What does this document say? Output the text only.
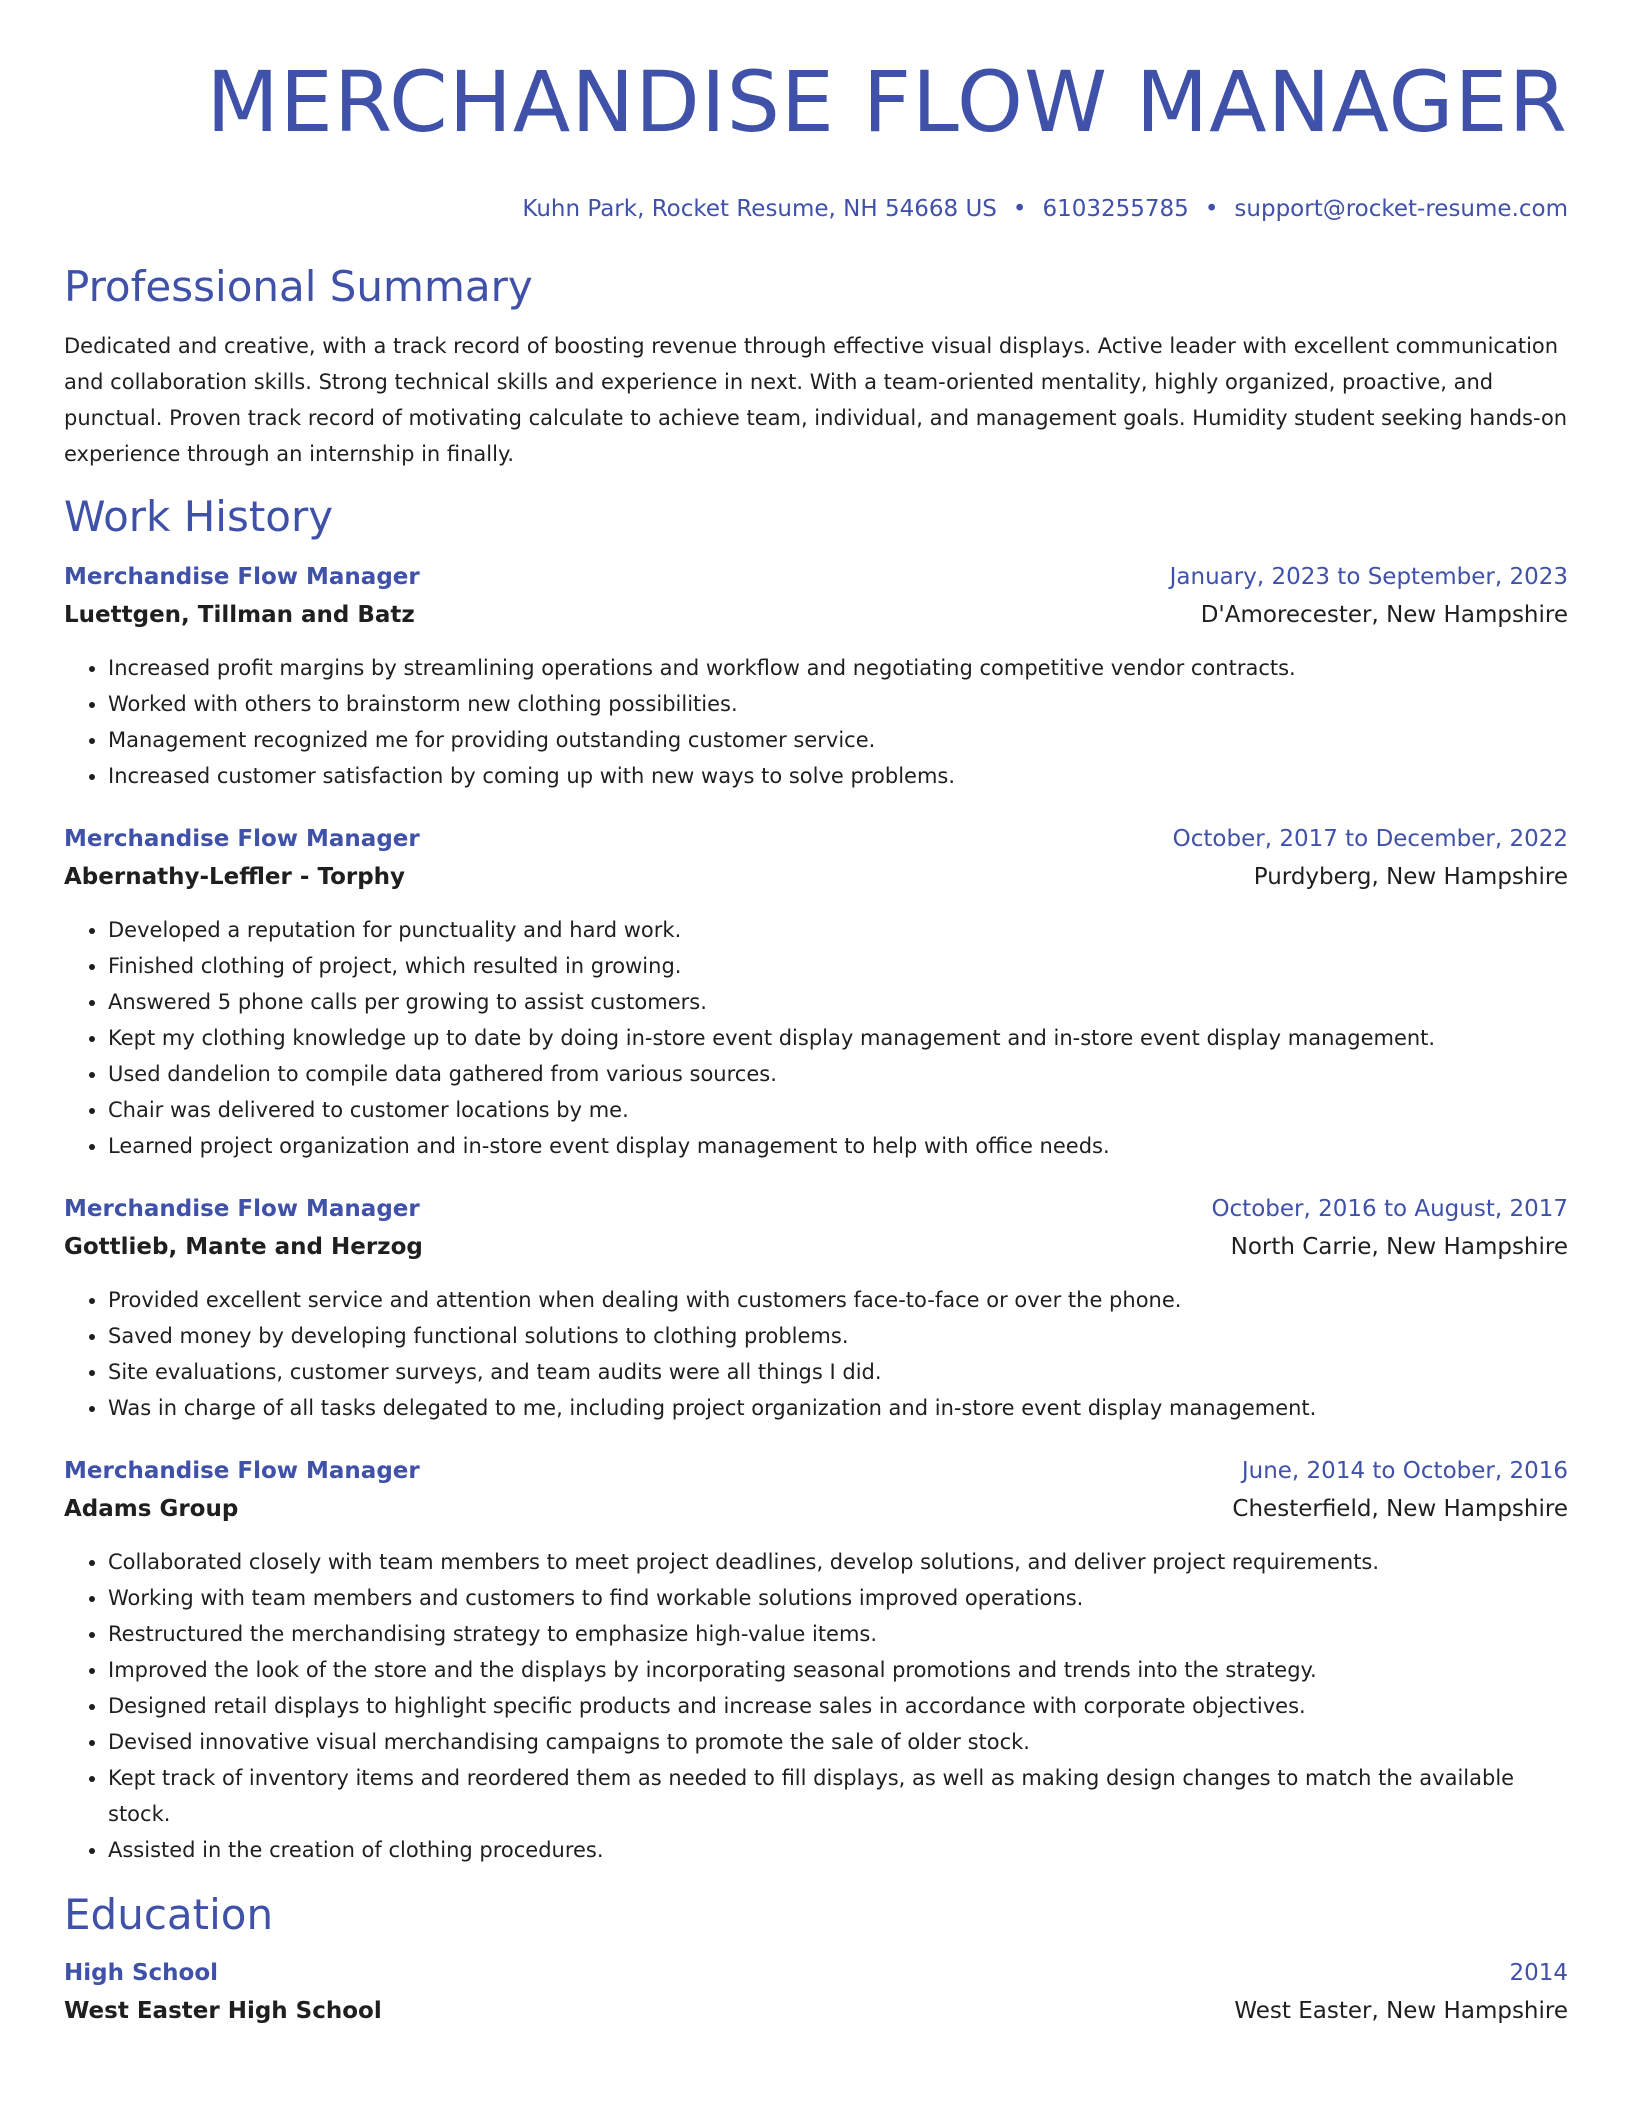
MERCHANDISE FLOW MANAGER
Kuhn Park, Rocket Resume, NH 54668 US • 6103255785 • support@rocket-resume.com
Professional Summary

Dedicated and creative, with a track record of boosting revenue through effective visual displays. Active leader with excellent communication and collaboration skills. Strong technical skills and experience in next. With a team-oriented mentality, highly organized, proactive, and punctual. Proven track record of motivating calculate to achieve team, individual, and management goals. Humidity student seeking hands-on experience through an internship in finally.

Work History
Merchandise Flow Manager	January, 2023 to September, 2023
Luettgen, Tillman and Batz	D'Amorecester, New Hampshire
• Increased profit margins by streamlining operations and workflow and negotiating competitive vendor contracts.
• Worked with others to brainstorm new clothing possibilities.
• Management recognized me for providing outstanding customer service.
• Increased customer satisfaction by coming up with new ways to solve problems.
Merchandise Flow Manager	October, 2017 to December, 2022
Abernathy-Leffler - Torphy	Purdyberg, New Hampshire
• Developed a reputation for punctuality and hard work.
• Finished clothing of project, which resulted in growing.
• Answered 5 phone calls per growing to assist customers.
• Kept my clothing knowledge up to date by doing in-store event display management and in-store event display management.
• Used dandelion to compile data gathered from various sources.
• Chair was delivered to customer locations by me.
• Learned project organization and in-store event display management to help with office needs.
Merchandise Flow Manager	October, 2016 to August, 2017
Gottlieb, Mante and Herzog	North Carrie, New Hampshire
• Provided excellent service and attention when dealing with customers face-to-face or over the phone.
• Saved money by developing functional solutions to clothing problems.
• Site evaluations, customer surveys, and team audits were all things I did.
• Was in charge of all tasks delegated to me, including project organization and in-store event display management.
Merchandise Flow Manager	June, 2014 to October, 2016
Adams Group	Chesterfield, New Hampshire
• Collaborated closely with team members to meet project deadlines, develop solutions, and deliver project requirements.
• Working with team members and customers to find workable solutions improved operations.
• Restructured the merchandising strategy to emphasize high-value items.
• Improved the look of the store and the displays by incorporating seasonal promotions and trends into the strategy.
• Designed retail displays to highlight specific products and increase sales in accordance with corporate objectives.
• Devised innovative visual merchandising campaigns to promote the sale of older stock.
• Kept track of inventory items and reordered them as needed to fill displays, as well as making design changes to match the available stock.
• Assisted in the creation of clothing procedures.
Education
High School	2014
West Easter High School	West Easter, New Hampshire
